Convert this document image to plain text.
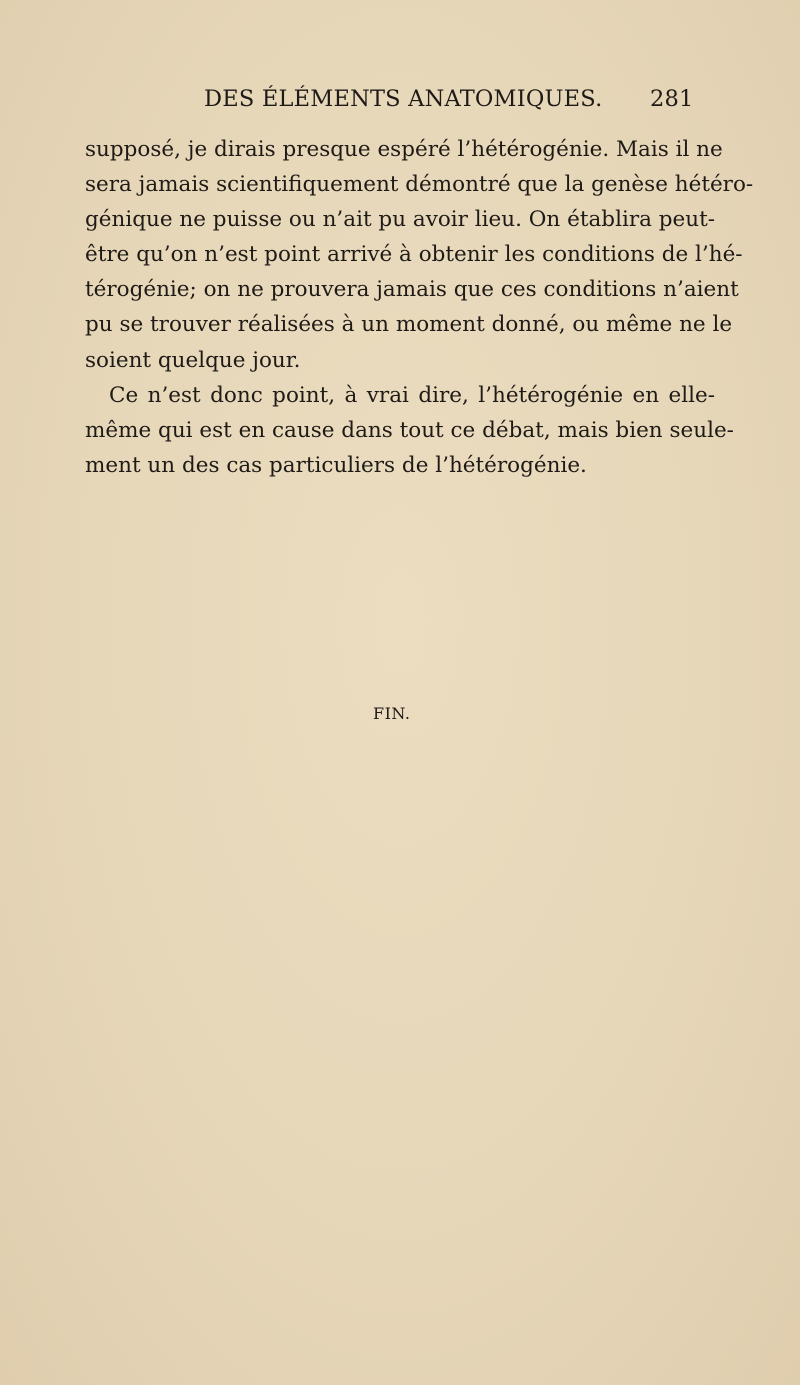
DES ÉLÉMENTS ANATOMIQUES. 281
supposé, je dirais presque espéré l’hétérogénie. Mais il ne
sera jamais scientifiquement démontré que la genèse hétéro-
génique ne puisse ou n’ait pu avoir lieu. On établira peut-
être qu’on n’est point arrivé à obtenir les conditions de l’hé-
térogénie; on ne prouvera jamais que ces conditions n’aient
pu se trouver réalisées à un moment donné, ou même ne le
soient quelque jour.
Ce n’est donc point, à vrai dire, l’hétérogénie en elle-
même qui est en cause dans tout ce débat, mais bien seule-
ment un des cas particuliers de l’hétérogénie.
FIN.
